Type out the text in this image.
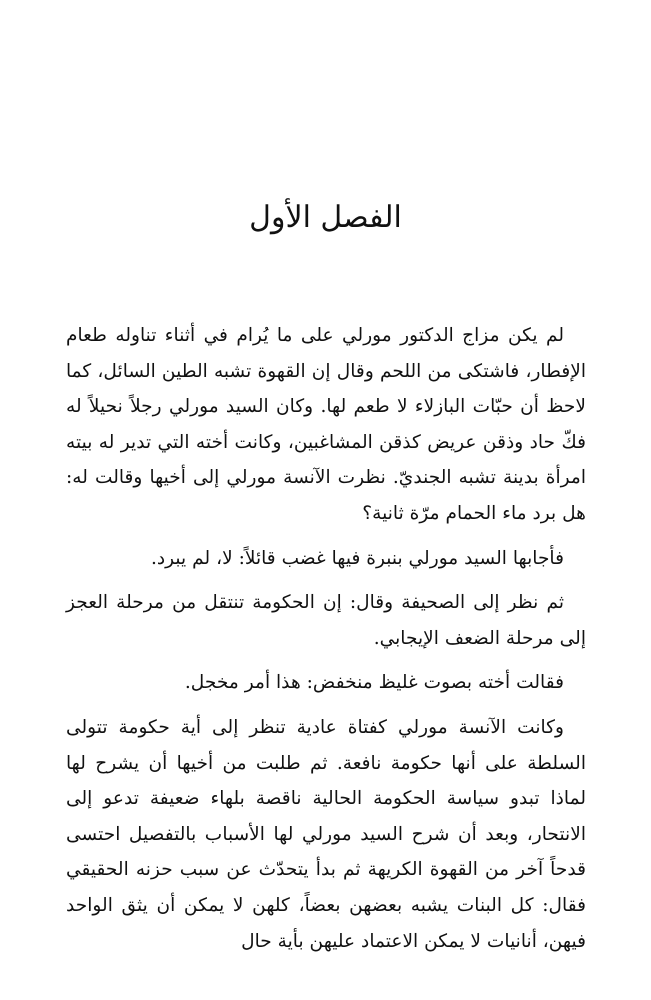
الفصل الأول

لم يكن مزاج الدكتور مورلي على ما يُرام في أثناء تناوله طعام الإفطار، فاشتكى من اللحم وقال إن القهوة تشبه الطين السائل، كما لاحظ أن حبّات البازلاء لا طعم لها. وكان السيد مورلي رجلاً نحيلاً له فكّ حاد وذقن عريض كذقن المشاغبين، وكانت أخته التي تدير له بيته امرأة بدينة تشبه الجنديّ. نظرت الآنسة مورلي إلى أخيها وقالت له: هل برد ماء الحمام مرّة ثانية؟

فأجابها السيد مورلي بنبرة فيها غضب قائلاً: لا، لم يبرد.

ثم نظر إلى الصحيفة وقال: إن الحكومة تنتقل من مرحلة العجز إلى مرحلة الضعف الإيجابي.

فقالت أخته بصوت غليظ منخفض: هذا أمر مخجل.

وكانت الآنسة مورلي كفتاة عادية تنظر إلى أية حكومة تتولى السلطة على أنها حكومة نافعة. ثم طلبت من أخيها أن يشرح لها لماذا تبدو سياسة الحكومة الحالية ناقصة بلهاء ضعيفة تدعو إلى الانتحار، وبعد أن شرح السيد مورلي لها الأسباب بالتفصيل احتسى قدحاً آخر من القهوة الكريهة ثم بدأ يتحدّث عن سبب حزنه الحقيقي فقال: كل البنات يشبه بعضهن بعضاً، كلهن لا يمكن أن يثق الواحد فيهن، أنانيات لا يمكن الاعتماد عليهن بأية حال
